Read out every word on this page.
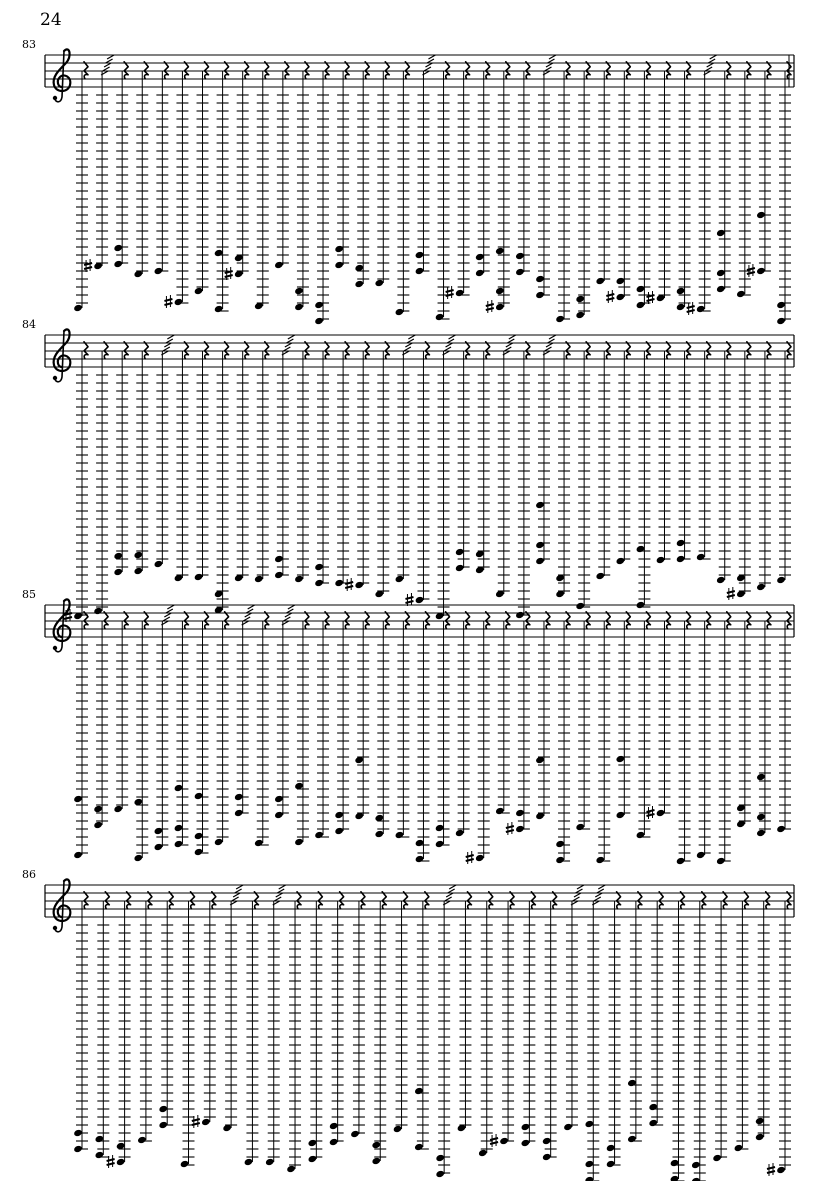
24
83
84
85
86
